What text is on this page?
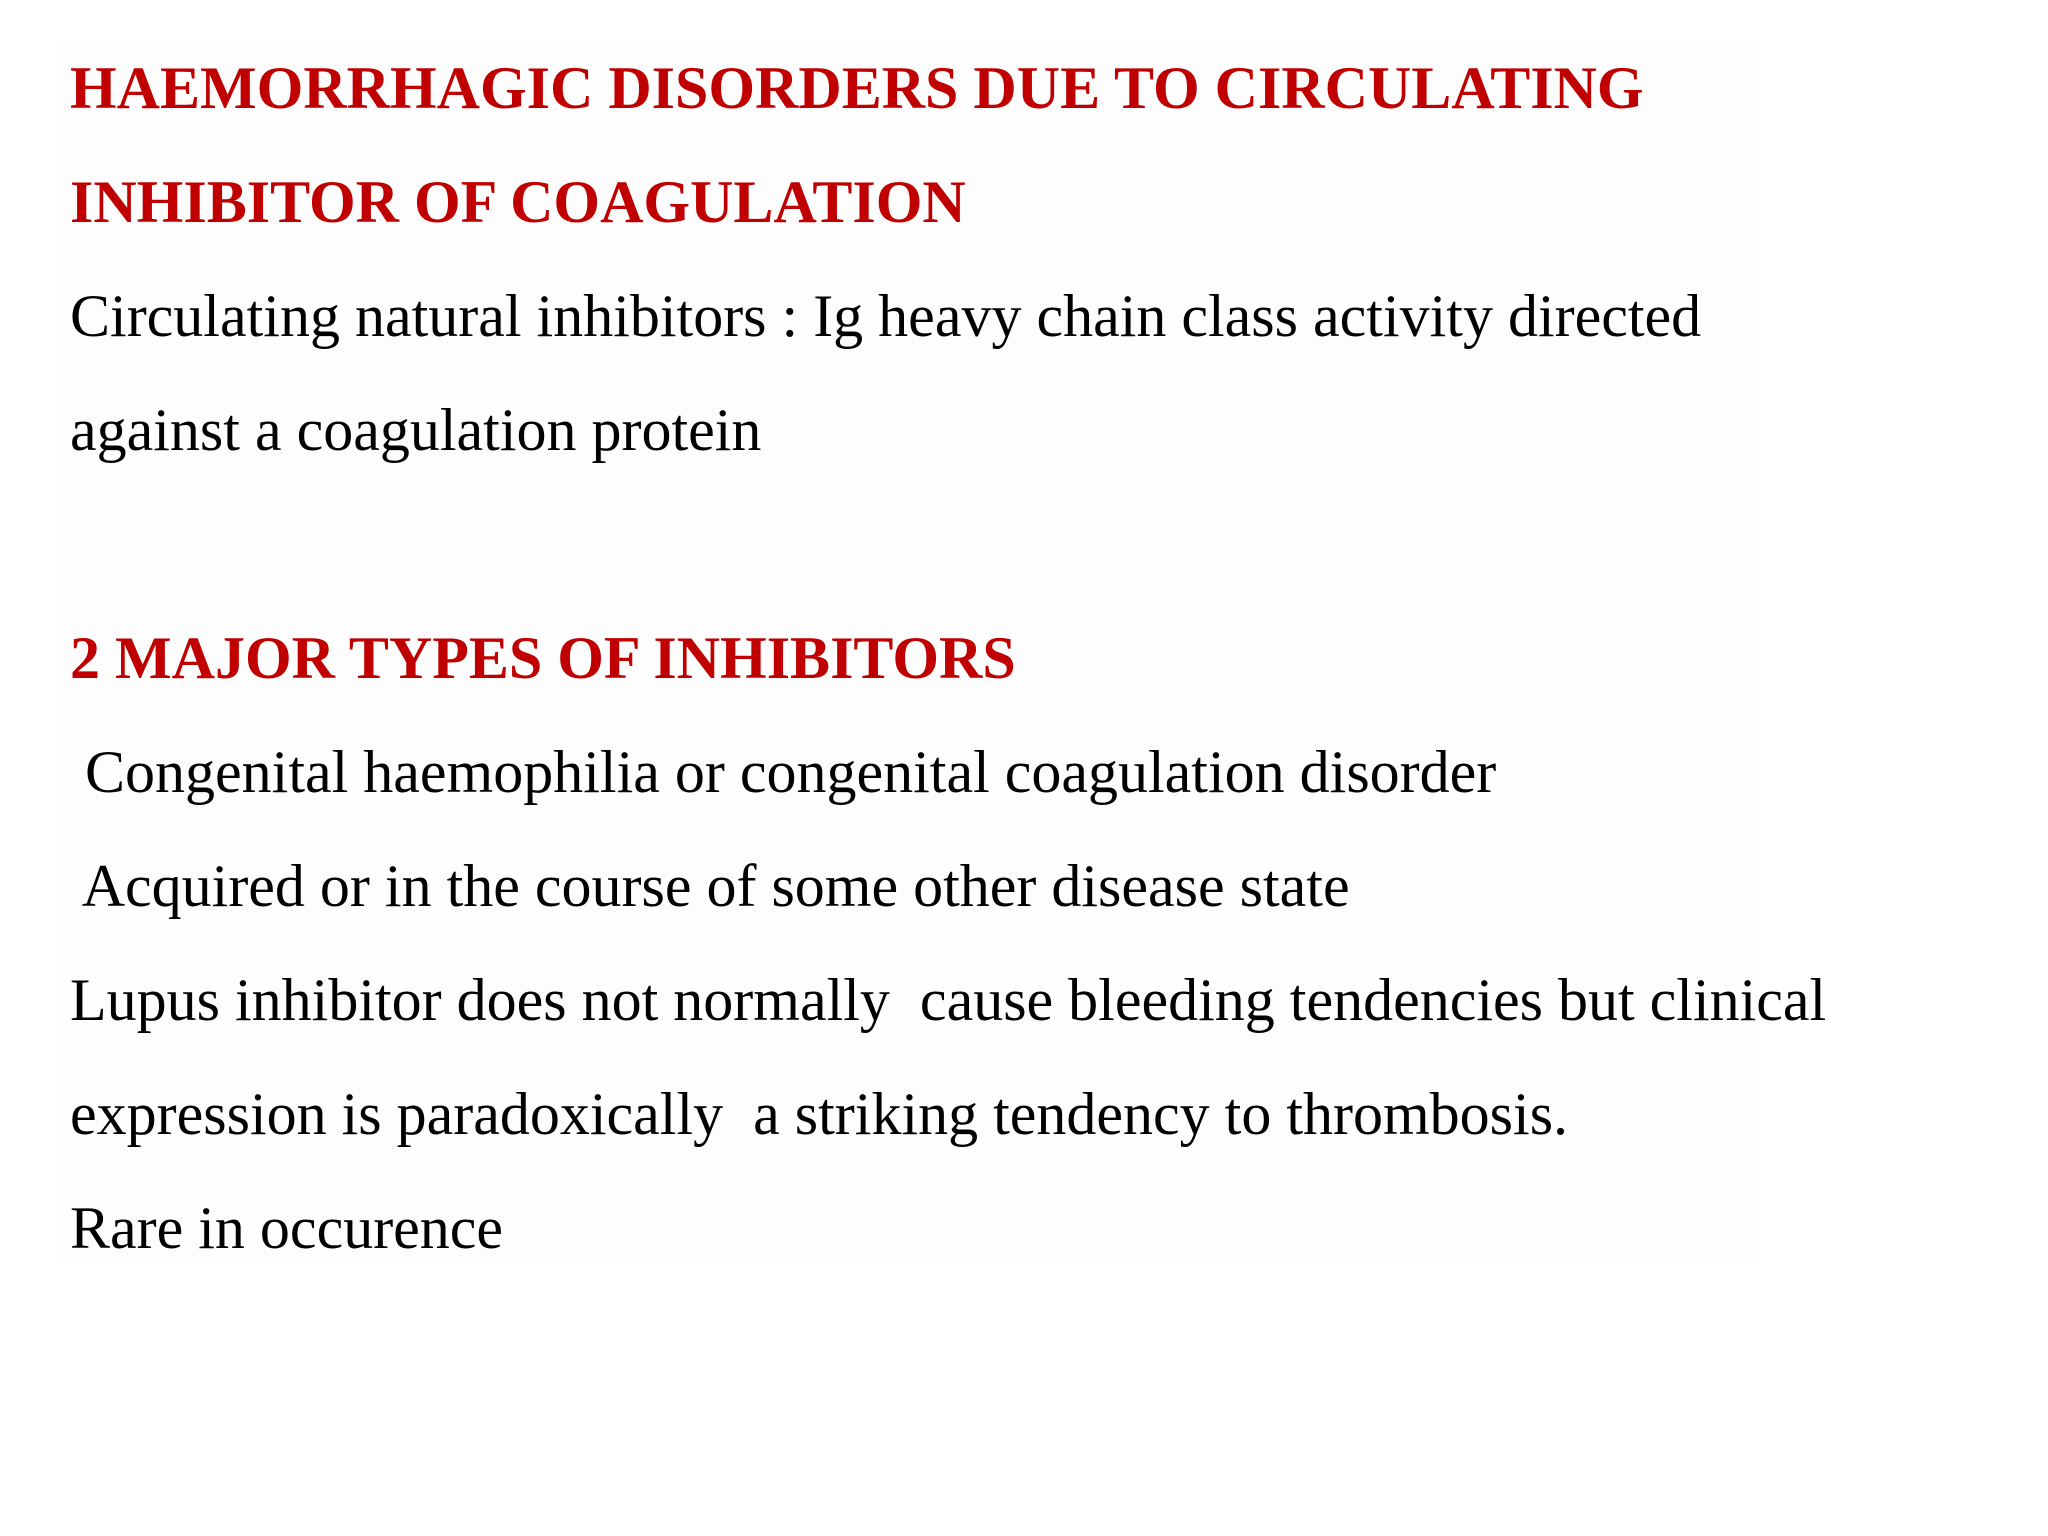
HAEMORRHAGIC DISORDERS DUE TO CIRCULATING

INHIBITOR OF COAGULATION

Circulating natural inhibitors : Ig heavy chain class activity directed

against a coagulation protein

2 MAJOR TYPES OF INHIBITORS

Congenital haemophilia or congenital coagulation disorder

Acquired or in the course of some other disease state

Lupus inhibitor does not normally  cause bleeding tendencies but clinical

expression is paradoxically  a striking tendency to thrombosis.

Rare in occurence
